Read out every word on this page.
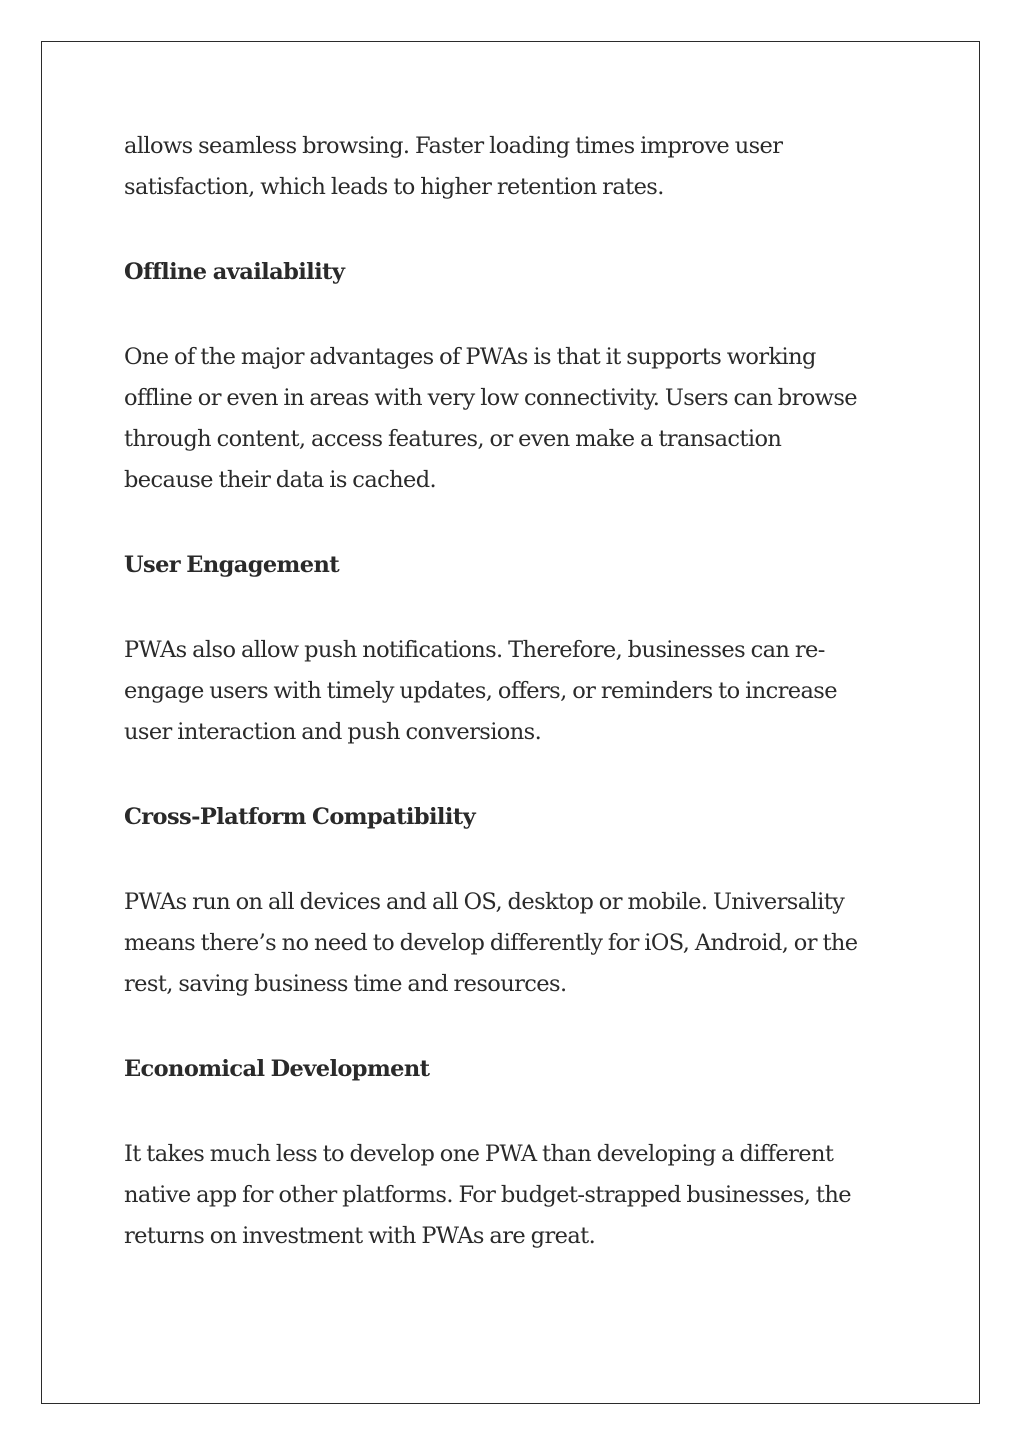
allows seamless browsing. Faster loading times improve user
satisfaction, which leads to higher retention rates.

Offline availability

One of the major advantages of PWAs is that it supports working
offline or even in areas with very low connectivity. Users can browse
through content, access features, or even make a transaction
because their data is cached.

User Engagement

PWAs also allow push notifications. Therefore, businesses can re-
engage users with timely updates, offers, or reminders to increase
user interaction and push conversions.

Cross-Platform Compatibility

PWAs run on all devices and all OS, desktop or mobile. Universality
means there’s no need to develop differently for iOS, Android, or the
rest, saving business time and resources.

Economical Development

It takes much less to develop one PWA than developing a different
native app for other platforms. For budget-strapped businesses, the
returns on investment with PWAs are great.
